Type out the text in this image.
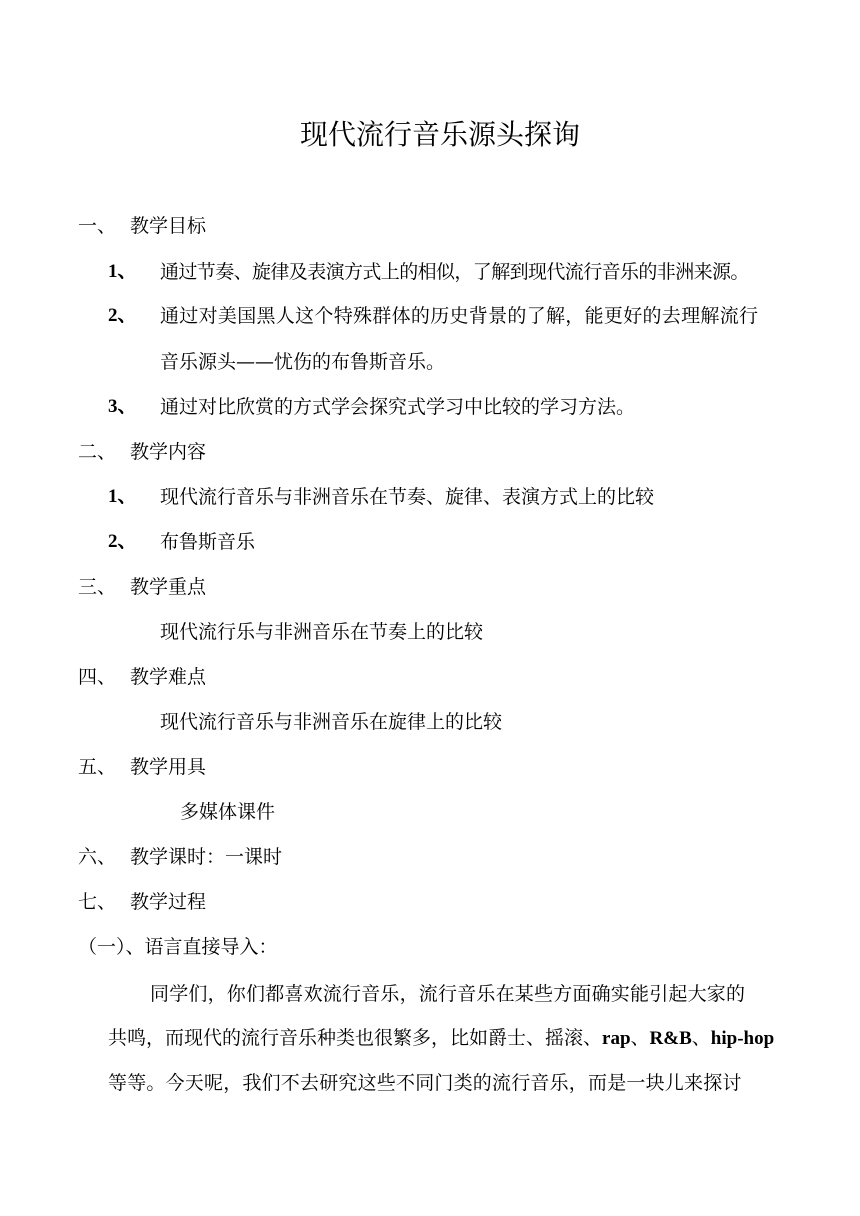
现代流行音乐源头探询
一、 教学目标
1、 通过节奏、旋律及表演方式上的相似，了解到现代流行音乐的非洲来源。
2、 通过对美国黑人这个特殊群体的历史背景的了解，能更好的去理解流行
音乐源头——忧伤的布鲁斯音乐。
3、 通过对比欣赏的方式学会探究式学习中比较的学习方法。
二、 教学内容
1、 现代流行音乐与非洲音乐在节奏、旋律、表演方式上的比较
2、 布鲁斯音乐
三、 教学重点
现代流行乐与非洲音乐在节奏上的比较
四、 教学难点
现代流行音乐与非洲音乐在旋律上的比较
五、 教学用具
多媒体课件
六、 教学课时：一课时
七、 教学过程
（一）、语言直接导入：
同学们，你们都喜欢流行音乐，流行音乐在某些方面确实能引起大家的
共鸣，而现代的流行音乐种类也很繁多，比如爵士、摇滚、rap、R&B、hip-hop
等等。今天呢，我们不去研究这些不同门类的流行音乐，而是一块儿来探讨
